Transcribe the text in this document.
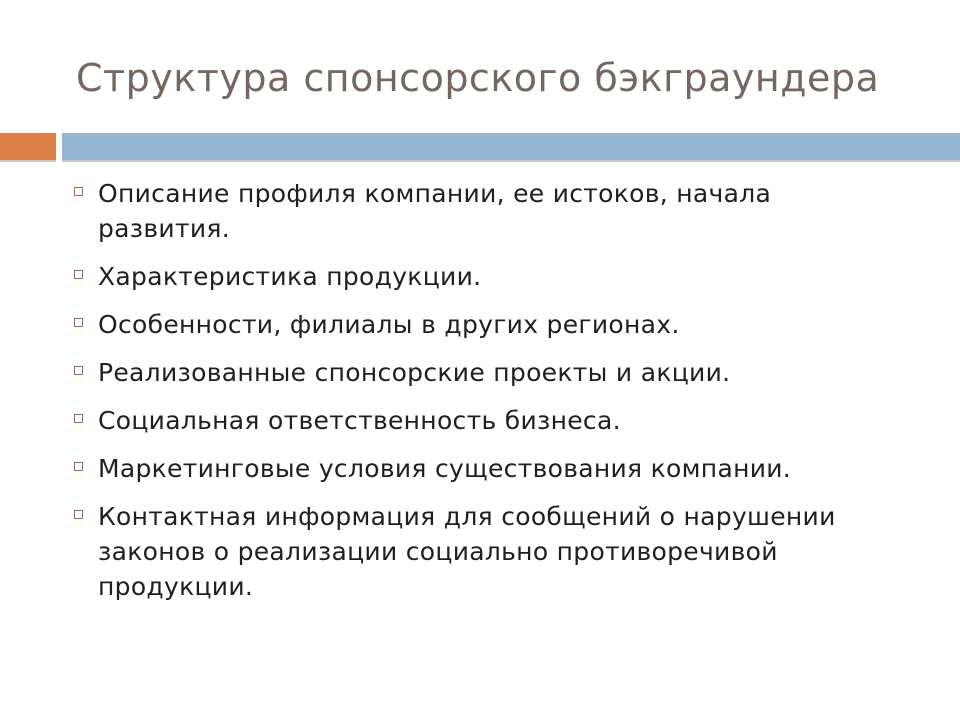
Структура спонсорского бэкграундера
Описание профиля компании, ее истоков, начала развития.
Характеристика продукции.
Особенности, филиалы в других регионах.
Реализованные спонсорские проекты и акции.
Социальная ответственность бизнеса.
Маркетинговые условия существования компании.
Контактная информация для сообщений о нарушении законов о реализации социально противоречивой продукции.
